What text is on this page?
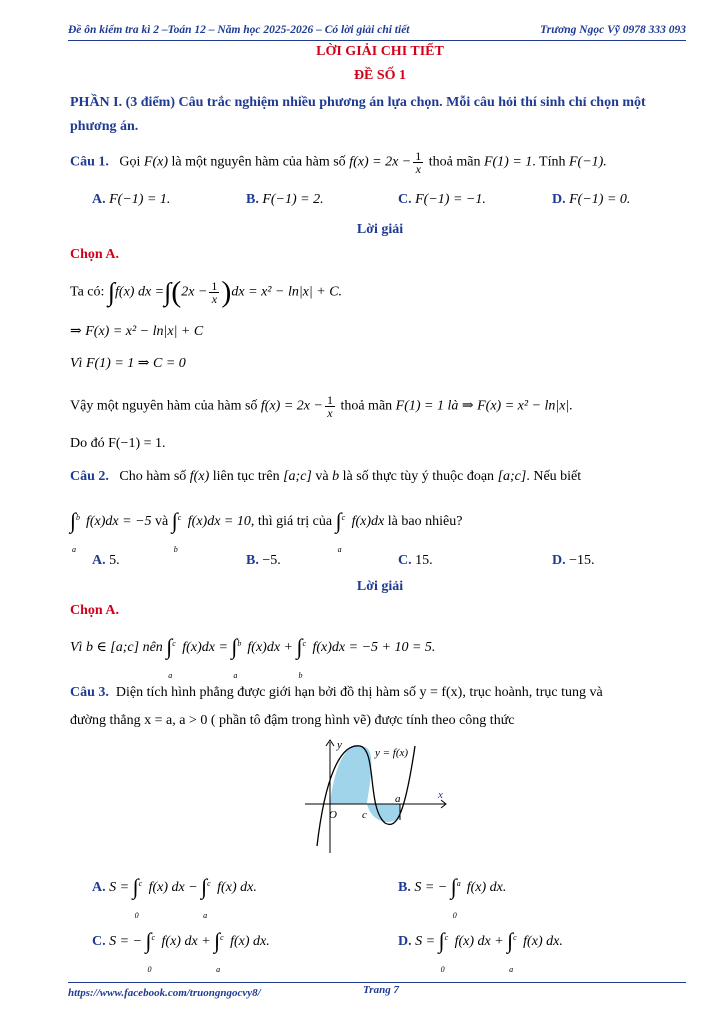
Đề ôn kiểm tra kì 2 –Toán 12 – Năm học 2025-2026 – Có lời giải chi tiết	Trương Ngọc Vỹ 0978 333 093
LỜI GIẢI CHI TIẾT
ĐỀ SỐ 1
PHẦN I. (3 điểm) Câu trắc nghiệm nhiều phương án lựa chọn. Mỗi câu hỏi thí sinh chỉ chọn một
phương án.
Câu 1. Gọi F(x) là một nguyên hàm của hàm số $f(x) = 2x - \frac{1}{x}$ thoả mãn F(1) = 1. Tính F(−1).
A. F(−1) = 1.	B. F(−1) = 2.	C. F(−1) = −1.	D. F(−1) = 0.
Lời giải
Chọn A.
Ta có: ∫f(x) dx $=\int(2x - \frac{1}{x} )dx = x^2 - \ln|x| + C$.
⇒ F(x) = x² − ln|x| + C
Vì F(1) = 1 ⇒ C = 0
Vậy một nguyên hàm của hàm số $f(x) = 2x - \frac{1}{x}$ thoả mãn F(1) = 1 là ⇒ F(x) = x² − ln|x|.
Do đó F(−1) = 1.
Câu 2. Cho hàm số f(x) liên tục trên [a;c] và b là số thực tùy ý thuộc đoạn [a;c]. Nếu biết
∫ b
a
f(x)dx = −5 và ∫ c
b
f(x)dx = 10, thì giá trị của ∫ c
a
f(x)dx là bao nhiêu?
A. 5.	B. −5.	C. 15.	D. −15.
Lời giải
Chọn A.
Vì b ∈ [a;c] nên ∫ c
a
f(x)dx = ∫ b
a
f(x)dx + ∫ c
b
f(x)dx = −5 + 10 = 5.
Câu 3. Diện tích hình phẳng được giới hạn bởi đồ thị hàm số y = f(x), trục hoành, trục tung và
đường thẳng x = a, a > 0 ( phần tô đậm trong hình vẽ) được tính theo công thức
y
x
O c
a
y = f(x)
A. S = ∫ c
0
f(x) dx − ∫ c
a
f(x) dx.	B. S = − ∫ a
0
f(x) dx.
C. S = − ∫ c
0
f(x) dx + ∫ c
a
f(x) dx.	D. S = ∫ c
0
f(x) dx + ∫ c
a
f(x) dx.
https://www.facebook.com/truongngocvy8/	Trang 7
